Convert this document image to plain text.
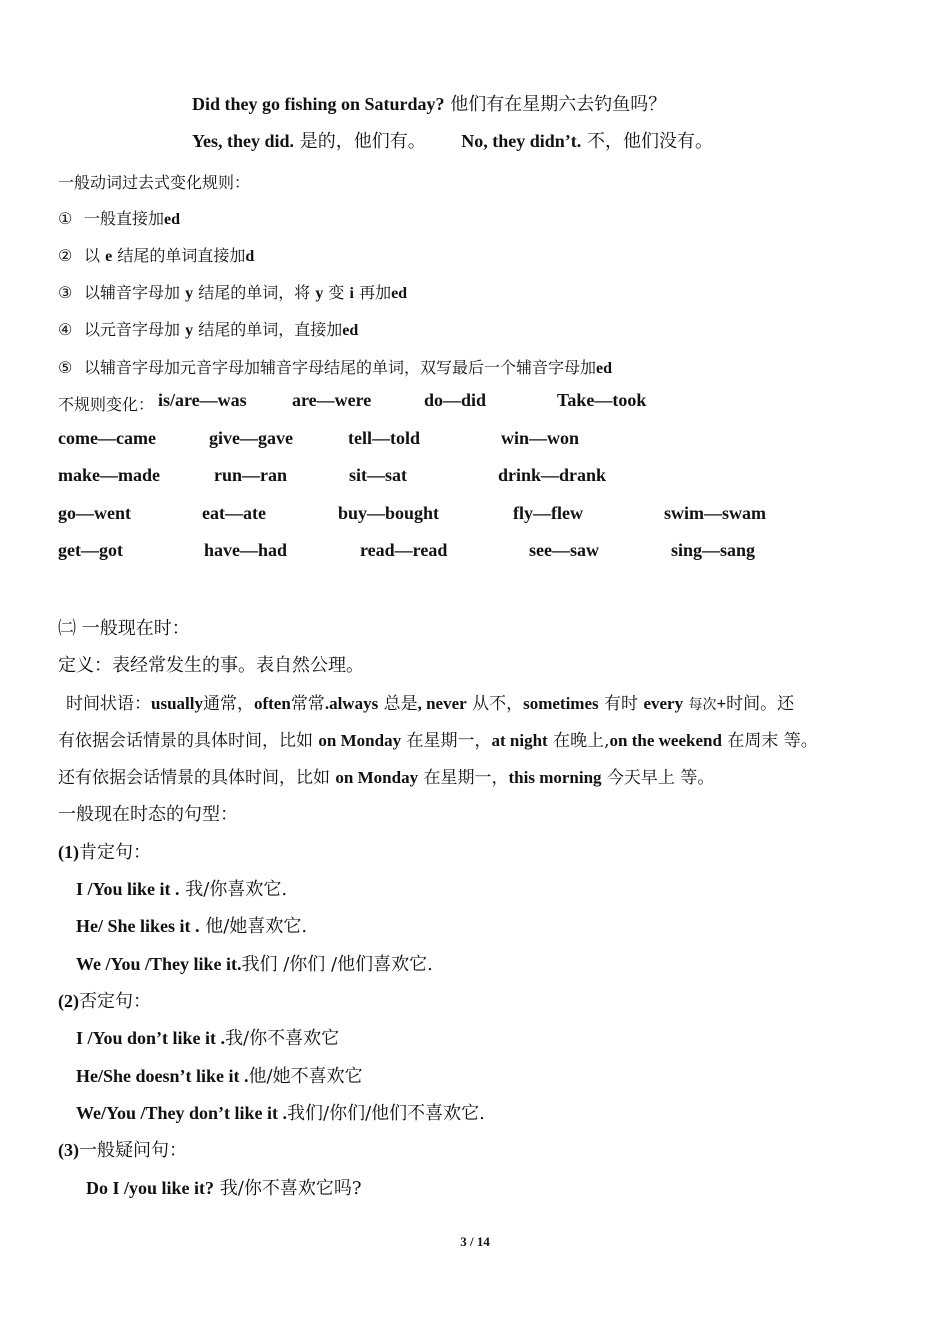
Did they go fishing on Saturday? 他们有在星期六去钓鱼吗？
Yes, they did. 是的，他们有。 No, they didn’t. 不，他们没有。
一般动词过去式变化规则：
① 一般直接加ed
② 以 e 结尾的单词直接加d
③ 以辅音字母加 y 结尾的单词，将 y 变 i 再加ed
④ 以元音字母加 y 结尾的单词，直接加ed
⑤ 以辅音字母加元音字母加辅音字母结尾的单词，双写最后一个辅音字母加ed
不规则变化： is/are—was	are—were	do—did	Take—took
come—came	give—gave	tell—told	win—won
make—made	run—ran	sit—sat	drink—drank
go—went	eat—ate	buy—bought	fly—flew	swim—swam
get—got	have—had	read—read	see—saw	sing—sang
㈡ 一般现在时：
定义：表经常发生的事。表自然公理。
时间状语：usually通常，often常常.always 总是, never 从不，sometimes 有时 every 每次+时间。还
有依据会话情景的具体时间，比如 on Monday 在星期一，at night 在晚上,on the weekend 在周末 等。
还有依据会话情景的具体时间，比如 on Monday 在星期一，this morning 今天早上 等。
一般现在时态的句型：
(1)肯定句：
I /You like it . 我/你喜欢它.
He/ She likes it . 他/她喜欢它.
We /You /They like it.我们 /你们 /他们喜欢它.
(2)否定句：
I /You don’t like it .我/你不喜欢它
He/She doesn’t like it .他/她不喜欢它
We/You /They don’t like it .我们/你们/他们不喜欢它.
(3)一般疑问句：
Do I /you like it? 我/你不喜欢它吗?
3 / 14
